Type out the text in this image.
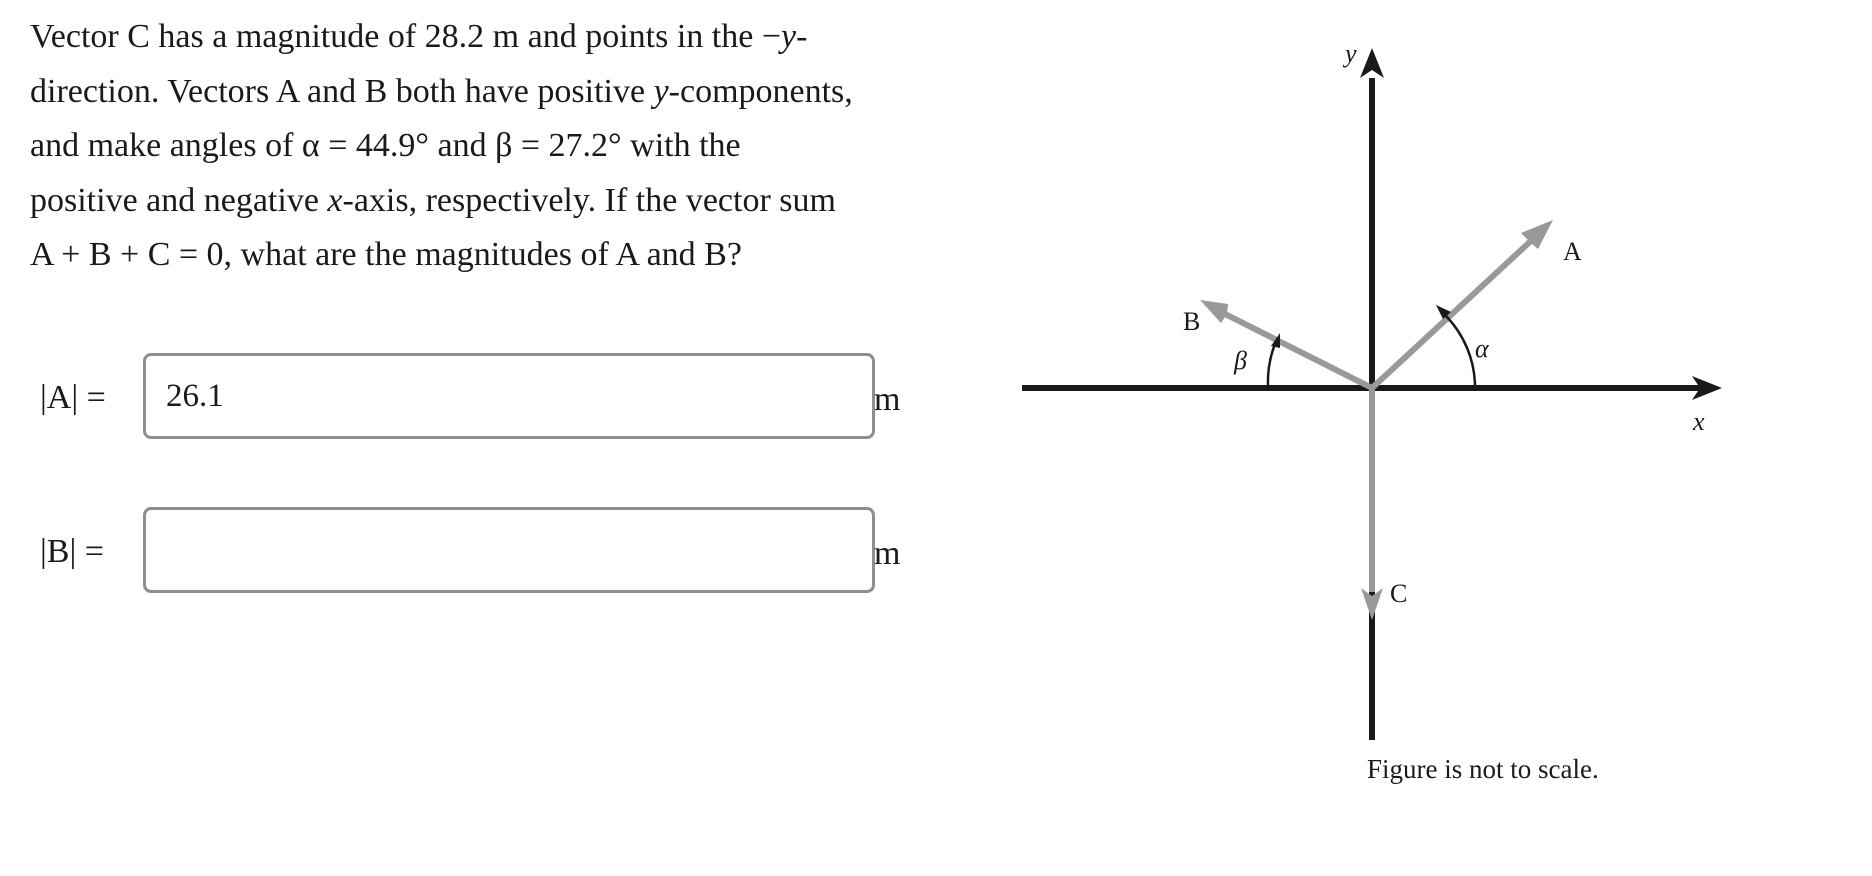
Vector C has a magnitude of 28.2 m and points in the −y-
direction. Vectors A and B both have positive y-components,
and make angles of α = 44.9° and β = 27.2° with the
positive and negative x-axis, respectively. If the vector sum
A + B + C = 0, what are the magnitudes of A and B?
|A| =
26.1	m
|B| =	m
y
x
A
B
C
α
β
Figure is not to scale.
